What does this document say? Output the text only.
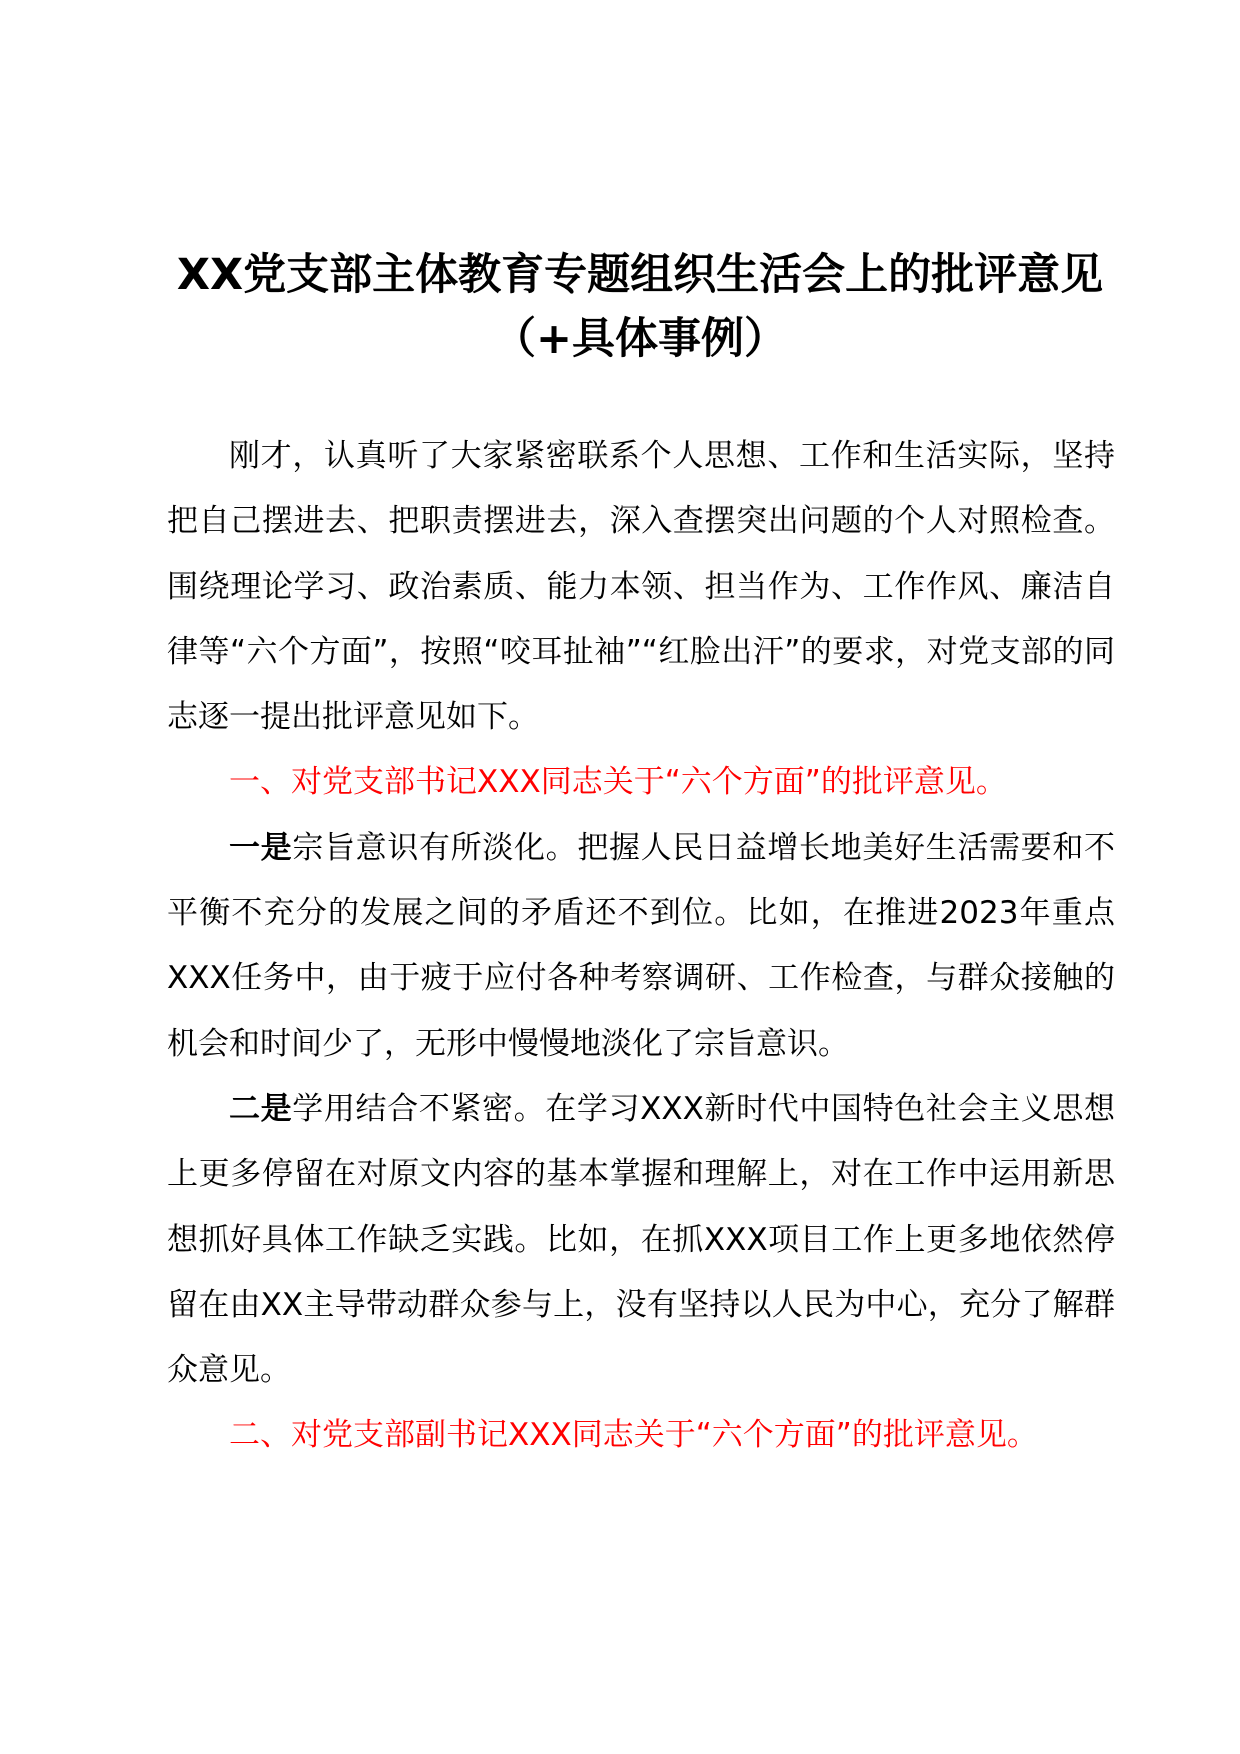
XX党支部主体教育专题组织生活会上的批评意见（+具体事例）

刚才，认真听了大家紧密联系个人思想、工作和生活实际，坚持把自己摆进去、把职责摆进去，深入查摆突出问题的个人对照检查。围绕理论学习、政治素质、能力本领、担当作为、工作作风、廉洁自律等“六个方面”，按照“咬耳扯袖”“红脸出汗”的要求，对党支部的同志逐一提出批评意见如下。

一、对党支部书记XXX同志关于“六个方面”的批评意见。

一是宗旨意识有所淡化。把握人民日益增长地美好生活需要和不平衡不充分的发展之间的矛盾还不到位。比如，在推进2023年重点XXX任务中，由于疲于应付各种考察调研、工作检查，与群众接触的机会和时间少了，无形中慢慢地淡化了宗旨意识。

二是学用结合不紧密。在学习XXX新时代中国特色社会主义思想上更多停留在对原文内容的基本掌握和理解上，对在工作中运用新思想抓好具体工作缺乏实践。比如，在抓XXX项目工作上更多地依然停留在由XX主导带动群众参与上，没有坚持以人民为中心，充分了解群众意见。

二、对党支部副书记XXX同志关于“六个方面”的批评意见。
